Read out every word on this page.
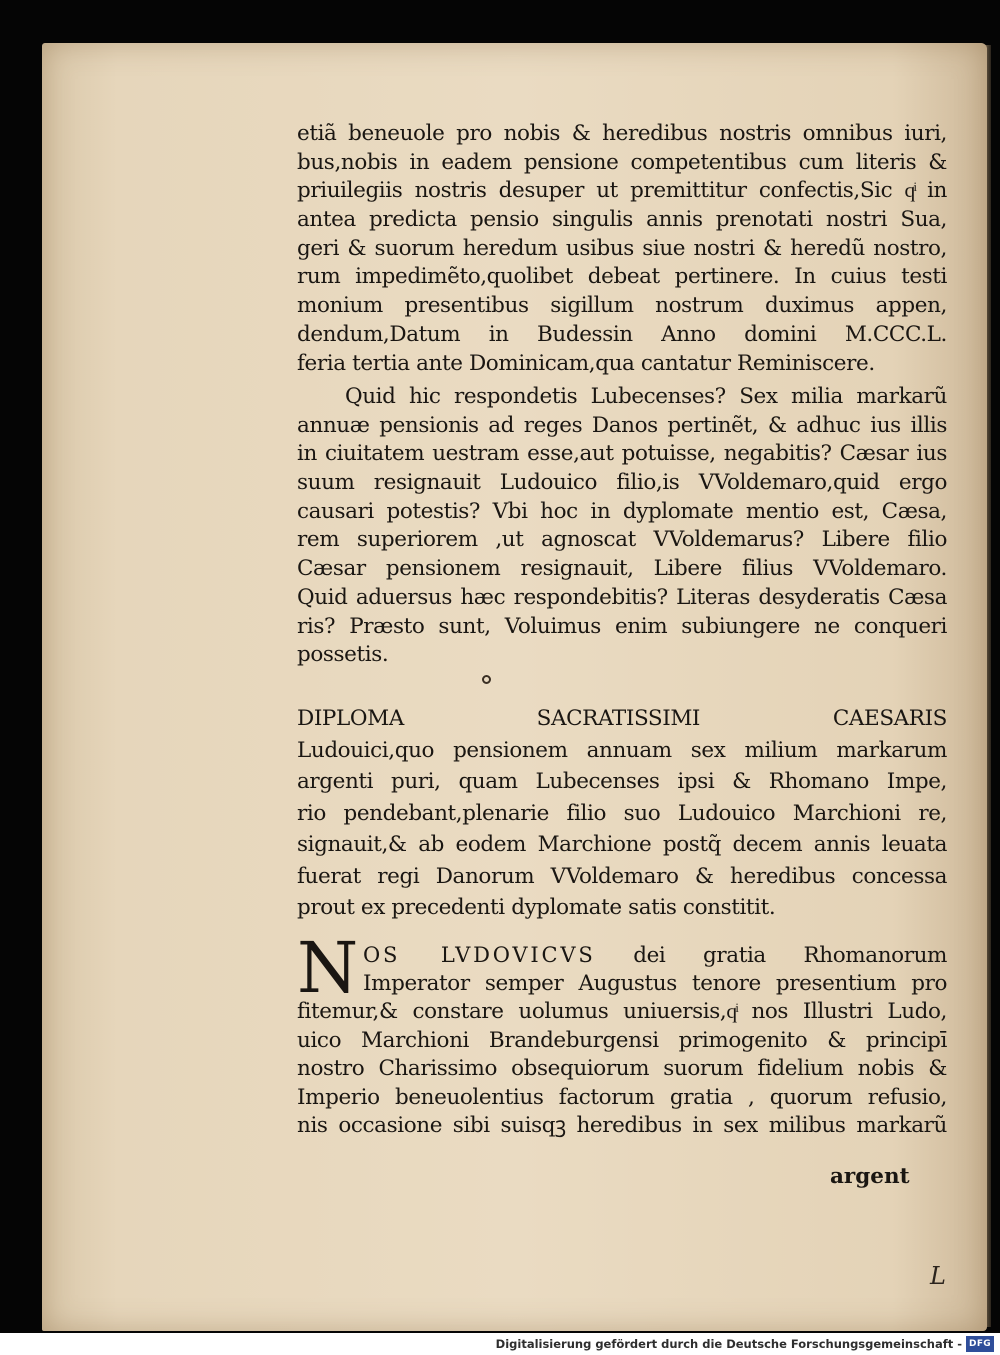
etiã beneuole pro nobis & heredibus nostris omnibus iuri,
bus,nobis in eadem pensione competentibus cum literis &
priuilegiis nostris desuper ut premittitur confectis,Sic qͥ in
antea predicta pensio singulis annis prenotati nostri Sua,
geri & suorum heredum usibus siue nostri & heredũ nostro,
rum impedimẽto,quolibet debeat pertinere. In cuius testi
monium presentibus sigillum nostrum duximus appen,
dendum,Datum in Budessin Anno domini M.CCC.L.
feria tertia ante Dominicam,qua cantatur Reminiscere.
Quid hic respondetis Lubecenses? Sex milia markarũ
annuæ pensionis ad reges Danos pertinẽt, & adhuc ius illis
in ciuitatem uestram esse,aut potuisse, negabitis? Cæsar ius
suum resignauit Ludouico filio,is VVoldemaro,quid ergo
causari potestis? Vbi hoc in dyplomate mentio est, Cæsa,
rem superiorem ,ut agnoscat VVoldemarus? Libere filio
Cæsar pensionem resignauit, Libere filius VVoldemaro.
Quid aduersus hæc respondebitis? Literas desyderatis Cæsa
ris? Præsto sunt, Voluimus enim subiungere ne conqueri
possetis.
DIPLOMA SACRATISSIMI CAESARIS
Ludouici,quo pensionem annuam sex milium markarum
argenti puri, quam Lubecenses ipsi & Rhomano Impe,
rio pendebant,plenarie filio suo Ludouico Marchioni re,
signauit,& ab eodem Marchione postq̃ decem annis leuata
fuerat regi Danorum VVoldemaro & heredibus concessa
prout ex precedenti dyplomate satis constitit.
N OS LVDOVICVS dei gratia Rhomanorum
Imperator semper Augustus tenore presentium pro
fitemur,& constare uolumus uniuersis,qͥ nos Illustri Ludo,
uico Marchioni Brandeburgensi primogenito & principī
nostro Charissimo obsequiorum suorum fidelium nobis &
Imperio beneuolentius factorum gratia , quorum refusio,
nis occasione sibi suisqꝫ heredibus in sex milibus markarũ
argent
L
Digitalisierung gefördert durch die Deutsche Forschungsgemeinschaft - DFG
